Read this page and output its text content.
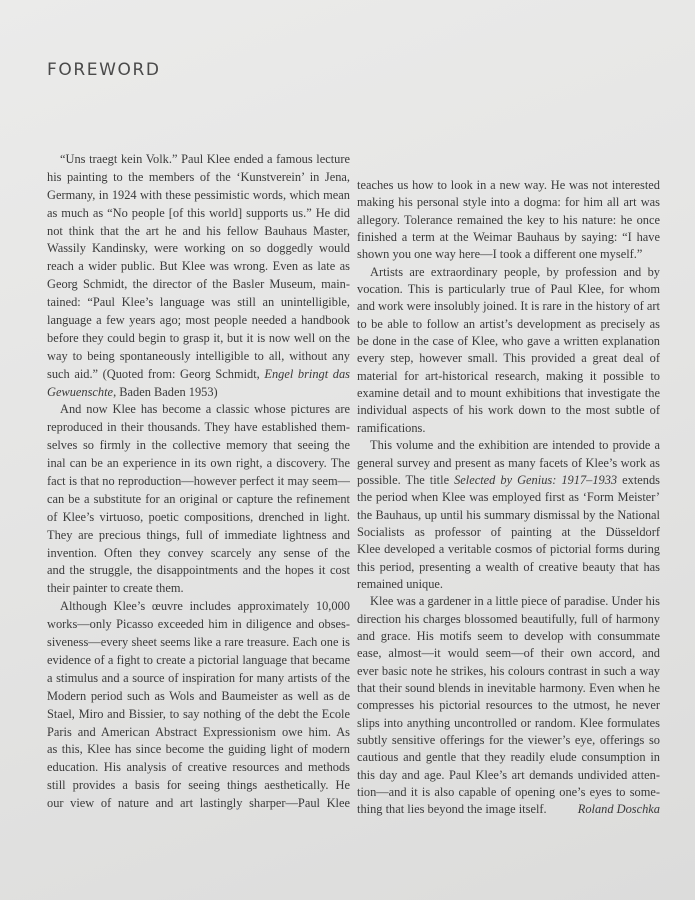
FOREWORD
“Uns traegt kein Volk.” Paul Klee ended a famous lecture
his painting to the members of the ‘Kunstverein’ in Jena,
Germany, in 1924 with these pessimistic words, which mean
as much as “No people [of this world] supports us.” He did
not think that the art he and his fellow Bauhaus Master,
Wassily Kandinsky, were working on so doggedly would
reach a wider public. But Klee was wrong. Even as late as
Georg Schmidt, the director of the Basler Museum, main-
tained: “Paul Klee’s language was still an unintelligible,
language a few years ago; most people needed a handbook
before they could begin to grasp it, but it is now well on the
way to being spontaneously intelligible to all, without any
such aid.” (Quoted from: Georg Schmidt, Engel bringt das
Gewuenschte, Baden Baden 1953)
And now Klee has become a classic whose pictures are
reproduced in their thousands. They have established them-
selves so firmly in the collective memory that seeing the
inal can be an experience in its own right, a discovery. The
fact is that no reproduction—however perfect it may seem—
can be a substitute for an original or capture the refinement
of Klee’s virtuoso, poetic compositions, drenched in light.
They are precious things, full of immediate lightness and
invention. Often they convey scarcely any sense of the
and the struggle, the disappointments and the hopes it cost
their painter to create them.
Although Klee’s œuvre includes approximately 10,000
works—only Picasso exceeded him in diligence and obses-
siveness—every sheet seems like a rare treasure. Each one is
evidence of a fight to create a pictorial language that became
a stimulus and a source of inspiration for many artists of the
Modern period such as Wols and Baumeister as well as de
Stael, Miro and Bissier, to say nothing of the debt the Ecole
Paris and American Abstract Expressionism owe him. As
as this, Klee has since become the guiding light of modern
education. His analysis of creative resources and methods
still provides a basis for seeing things aesthetically. He
our view of nature and art lastingly sharper—Paul Klee
teaches us how to look in a new way. He was not interested
making his personal style into a dogma: for him all art was
allegory. Tolerance remained the key to his nature: he once
finished a term at the Weimar Bauhaus by saying: “I have
shown you one way here—I took a different one myself.”
Artists are extraordinary people, by profession and by
vocation. This is particularly true of Paul Klee, for whom
and work were insolubly joined. It is rare in the history of art
to be able to follow an artist’s development as precisely as
be done in the case of Klee, who gave a written explanation
every step, however small. This provided a great deal of
material for art-historical research, making it possible to
examine detail and to mount exhibitions that investigate the
individual aspects of his work down to the most subtle of
ramifications.
This volume and the exhibition are intended to provide a
general survey and present as many facets of Klee’s work as
possible. The title Selected by Genius: 1917–1933 extends
the period when Klee was employed first as ‘Form Meister’
the Bauhaus, up until his summary dismissal by the National
Socialists as professor of painting at the Düsseldorf
Klee developed a veritable cosmos of pictorial forms during
this period, presenting a wealth of creative beauty that has
remained unique.
Klee was a gardener in a little piece of paradise. Under his
direction his charges blossomed beautifully, full of harmony
and grace. His motifs seem to develop with consummate
ease, almost—it would seem—of their own accord, and
ever basic note he strikes, his colours contrast in such a way
that their sound blends in inevitable harmony. Even when he
compresses his pictorial resources to the utmost, he never
slips into anything uncontrolled or random. Klee formulates
subtly sensitive offerings for the viewer’s eye, offerings so
cautious and gentle that they readily elude consumption in
this day and age. Paul Klee’s art demands undivided atten-
tion—and it is also capable of opening one’s eyes to some-
thing that lies beyond the image itself.	Roland Doschka
